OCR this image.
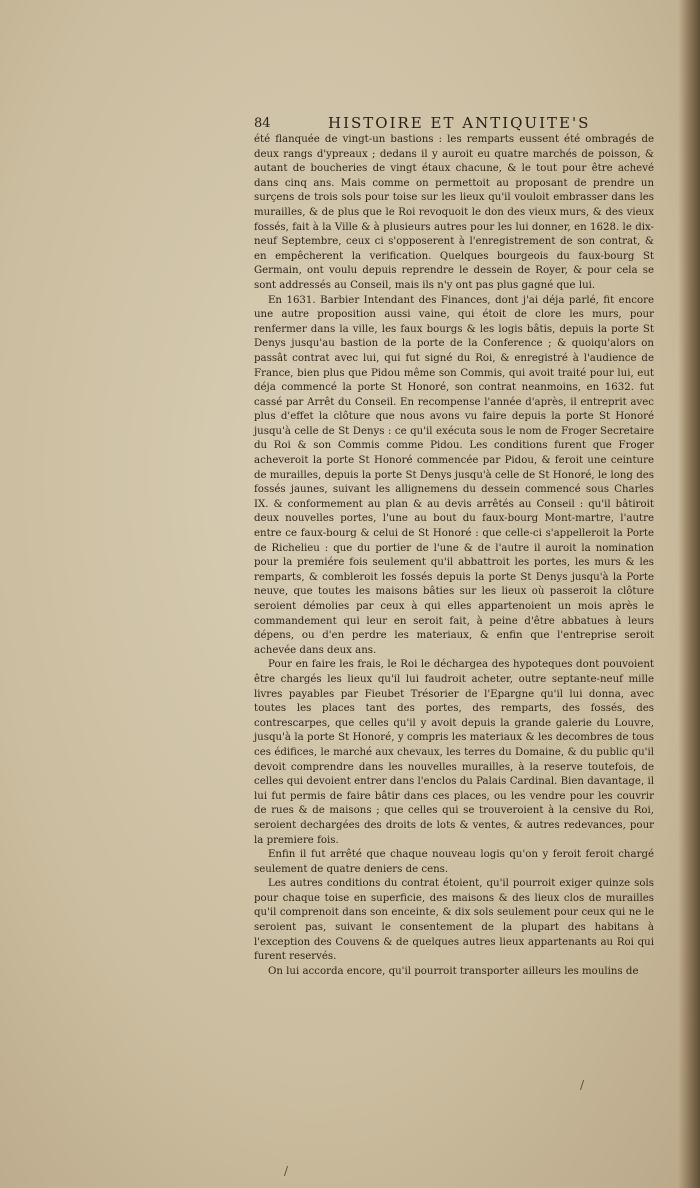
84	HISTOIRE ET ANTIQUITE'S

été flanquée de vingt-un bastions : les remparts eussent été ombragés de deux rangs d'ypreaux ; dedans il y auroit eu quatre marchés de poisson, & autant de boucheries de vingt étaux chacune, & le tout pour être achevé dans cinq ans. Mais comme on permettoit au proposant de prendre un surçens de trois sols pour toise sur les lieux qu'il vouloit embrasser dans les murailles, & de plus que le Roi revoquoit le don des vieux murs, & des vieux fossés, fait à la Ville & à plusieurs autres pour les lui donner, en 1628. le dix-neuf Septembre, ceux ci s'opposerent à l'enregistrement de son contrat, & en empêcherent la verification. Quelques bourgeois du faux-bourg St Germain, ont voulu depuis reprendre le dessein de Royer, & pour cela se sont addressés au Conseil, mais ils n'y ont pas plus gagné que lui.

En 1631. Barbier Intendant des Finances, dont j'ai déja parlé, fit encore une autre proposition aussi vaine, qui étoit de clore les murs, pour renfermer dans la ville, les faux bourgs & les logis bâtis, depuis la porte St Denys jusqu'au bastion de la porte de la Conference ; & quoiqu'alors on passât contrat avec lui, qui fut signé du Roi, & enregistré à l'audience de France, bien plus que Pidou même son Commis, qui avoit traité pour lui, eut déja commencé la porte St Honoré, son contrat neanmoins, en 1632. fut cassé par Arrêt du Conseil. En recompense l'année d'après, il entreprit avec plus d'effet la clôture que nous avons vu faire depuis la porte St Honoré jusqu'à celle de St Denys : ce qu'il exécuta sous le nom de Froger Secretaire du Roi & son Commis comme Pidou. Les conditions furent que Froger acheveroit la porte St Honoré commencée par Pidou, & feroit une ceinture de murailles, depuis la porte St Denys jusqu'à celle de St Honoré, le long des fossés jaunes, suivant les allignemens du dessein commencé sous Charles IX. & conformement au plan & au devis arrêtés au Conseil : qu'il bâtiroit deux nouvelles portes, l'une au bout du faux-bourg Mont-martre, l'autre entre ce faux-bourg & celui de St Honoré : que celle-ci s'appelleroit la Porte de Richelieu : que du portier de l'une & de l'autre il auroit la nomination pour la premiére fois seulement qu'il abbattroit les portes, les murs & les remparts, & combleroit les fossés depuis la porte St Denys jusqu'à la Porte neuve, que toutes les maisons bâties sur les lieux où passeroit la clôture seroient démolies par ceux à qui elles appartenoient un mois après le commandement qui leur en seroit fait, à peine d'être abbatues à leurs dépens, ou d'en perdre les materiaux, & enfin que l'entreprise seroit achevée dans deux ans.

Pour en faire les frais, le Roi le déchargea des hypoteques dont pouvoient être chargés les lieux qu'il lui faudroit acheter, outre septante-neuf mille livres payables par Fieubet Trésorier de l'Epargne qu'il lui donna, avec toutes les places tant des portes, des remparts, des fossés, des contrescarpes, que celles qu'il y avoit depuis la grande galerie du Louvre, jusqu'à la porte St Honoré, y compris les materiaux & les decombres de tous ces édifices, le marché aux chevaux, les terres du Domaine, & du public qu'il devoit comprendre dans les nouvelles murailles, à la reserve toutefois, de celles qui devoient entrer dans l'enclos du Palais Cardinal. Bien davantage, il lui fut permis de faire bâtir dans ces places, ou les vendre pour les couvrir de rues & de maisons ; que celles qui se trouveroient à la censive du Roi, seroient dechargées des droits de lots & ventes, & autres redevances, pour la premiere fois.

Enfin il fut arrêté que chaque nouveau logis qu'on y feroit feroit chargé seulement de quatre deniers de cens.

Les autres conditions du contrat étoient, qu'il pourroit exiger quinze sols pour chaque toise en superficie, des maisons & des lieux clos de murailles qu'il comprenoit dans son enceinte, & dix sols seulement pour ceux qui ne le seroient pas, suivant le consentement de la plupart des habitans à l'exception des Couvens & de quelques autres lieux appartenants au Roi qui furent reservés.

On lui accorda encore, qu'il pourroit transporter ailleurs les moulins de

/
/
